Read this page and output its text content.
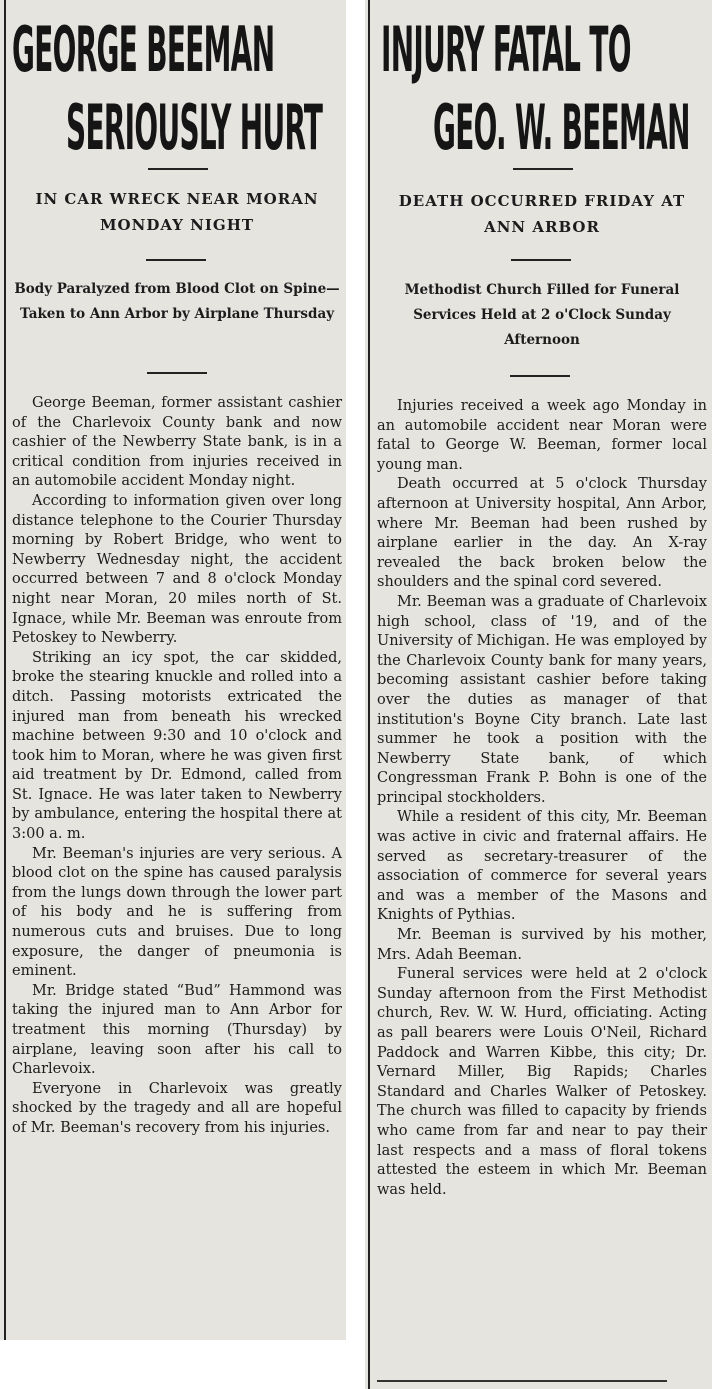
GEORGE BEEMAN
SERIOUSLY HURT
IN CAR WRECK NEAR MORAN MONDAY NIGHT
Body Paralyzed from Blood Clot on Spine—Taken to Ann Arbor by Airplane Thursday

George Beeman, former assistant cashier of the Charlevoix County bank and now cashier of the Newberry State bank, is in a critical condition from injuries received in an automobile accident Monday night.

According to information given over long distance telephone to the Courier Thursday morning by Robert Bridge, who went to Newberry Wednesday night, the accident occurred between 7 and 8 o'clock Monday night near Moran, 20 miles north of St. Ignace, while Mr. Beeman was enroute from Petoskey to Newberry.

Striking an icy spot, the car skidded, broke the stearing knuckle and rolled into a ditch. Passing motorists extricated the injured man from beneath his wrecked machine between 9:30 and 10 o'clock and took him to Moran, where he was given first aid treatment by Dr. Edmond, called from St. Ignace. He was later taken to Newberry by ambulance, entering the hospital there at 3:00 a. m.

Mr. Beeman's injuries are very serious. A blood clot on the spine has caused paralysis from the lungs down through the lower part of his body and he is suffering from numerous cuts and bruises. Due to long exposure, the danger of pneumonia is eminent.

Mr. Bridge stated “Bud” Hammond was taking the injured man to Ann Arbor for treatment this morning (Thursday) by airplane, leaving soon after his call to Charlevoix.

Everyone in Charlevoix was greatly shocked by the tragedy and all are hopeful of Mr. Beeman's recovery from his injuries.

INJURY FATAL TO
GEO. W. BEEMAN
DEATH OCCURRED FRIDAY AT ANN ARBOR
Methodist Church Filled for Funeral Services Held at 2 o'Clock Sunday Afternoon

Injuries received a week ago Monday in an automobile accident near Moran were fatal to George W. Beeman, former local young man.

Death occurred at 5 o'clock Thursday afternoon at University hospital, Ann Arbor, where Mr. Beeman had been rushed by airplane earlier in the day. An X-ray revealed the back broken below the shoulders and the spinal cord severed.

Mr. Beeman was a graduate of Charlevoix high school, class of '19, and of the University of Michigan. He was employed by the Charlevoix County bank for many years, becoming assistant cashier before taking over the duties as manager of that institution's Boyne City branch. Late last summer he took a position with the Newberry State bank, of which Congressman Frank P. Bohn is one of the principal stockholders.

While a resident of this city, Mr. Beeman was active in civic and fraternal affairs. He served as secretary-treasurer of the association of commerce for several years and was a member of the Masons and Knights of Pythias.

Mr. Beeman is survived by his mother, Mrs. Adah Beeman.

Funeral services were held at 2 o'clock Sunday afternoon from the First Methodist church, Rev. W. W. Hurd, officiating. Acting as pall bearers were Louis O'Neil, Richard Paddock and Warren Kibbe, this city; Dr. Vernard Miller, Big Rapids; Charles Standard and Charles Walker of Petoskey. The church was filled to capacity by friends who came from far and near to pay their last respects and a mass of floral tokens attested the esteem in which Mr. Beeman was held.
